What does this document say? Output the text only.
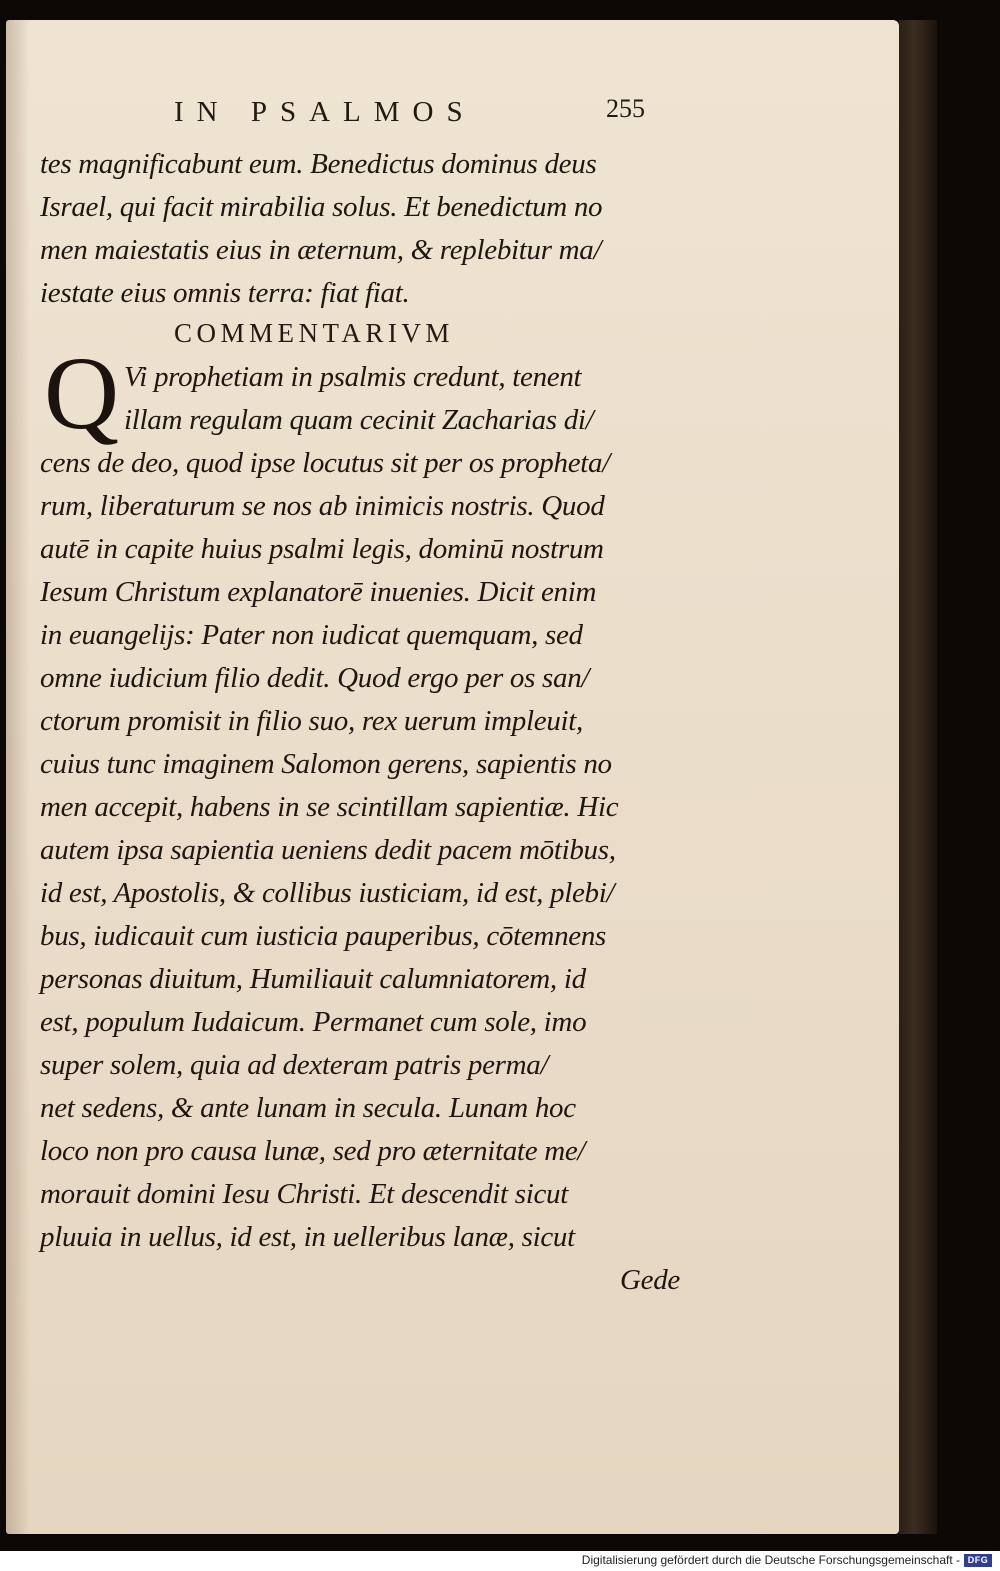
IN PSALMOS	255
tes magnificabunt eum. Benedictus dominus deus
Israel, qui facit mirabilia solus. Et benedictum no
men maiestatis eius in æternum, & replebitur ma/
iestate eius omnis terra: fiat fiat.
COMMENTARIVM
Q Vi prophetiam in psalmis credunt, tenent
illam regulam quam cecinit Zacharias di/
cens de deo, quod ipse locutus sit per os propheta/
rum, liberaturum se nos ab inimicis nostris. Quod
autē in capite huius psalmi legis, dominū nostrum
Iesum Christum explanatorē inuenies. Dicit enim
in euangelijs: Pater non iudicat quemquam, sed
omne iudicium filio dedit. Quod ergo per os san/
ctorum promisit in filio suo, rex uerum impleuit,
cuius tunc imaginem Salomon gerens, sapientis no
men accepit, habens in se scintillam sapientiæ. Hic
autem ipsa sapientia ueniens dedit pacem mōtibus,
id est, Apostolis, & collibus iusticiam, id est, plebi/
bus, iudicauit cum iusticia pauperibus, cōtemnens
personas diuitum, Humiliauit calumniatorem, id
est, populum Iudaicum. Permanet cum sole, imo
super solem, quia ad dexteram patris perma/
net sedens, & ante lunam in secula. Lunam hoc
loco non pro causa lunæ, sed pro æternitate me/
morauit domini Iesu Christi. Et descendit sicut
pluuia in uellus, id est, in uelleribus lanæ, sicut
Gede
Digitalisierung gefördert durch die Deutsche Forschungsgemeinschaft - DFG
